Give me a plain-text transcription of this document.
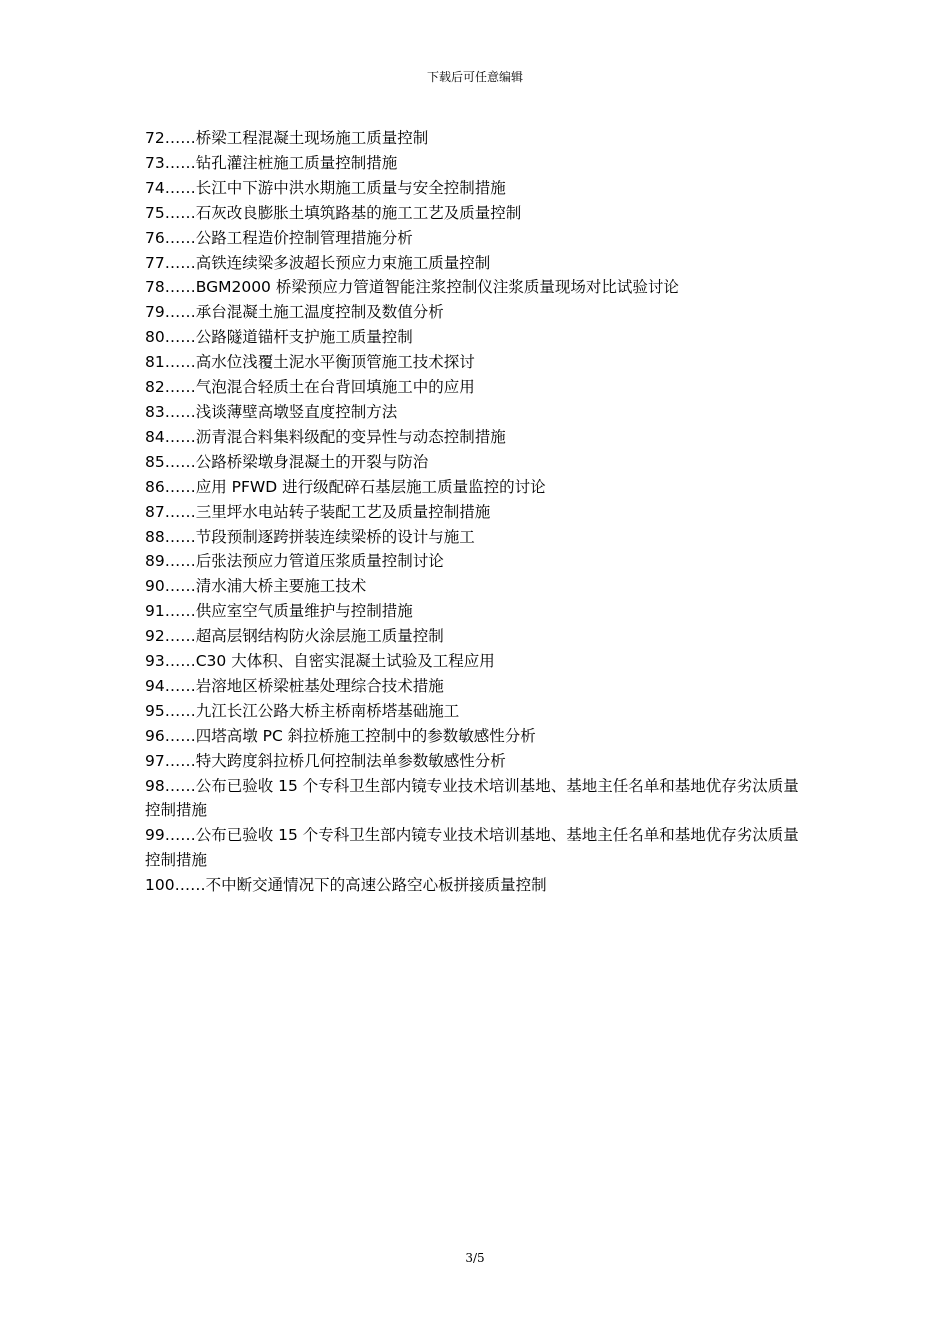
下载后可任意编辑
72……桥梁工程混凝土现场施工质量控制
73……钻孔灌注桩施工质量控制措施
74……长江中下游中洪水期施工质量与安全控制措施
75……石灰改良膨胀土填筑路基的施工工艺及质量控制
76……公路工程造价控制管理措施分析
77……高铁连续梁多波超长预应力束施工质量控制
78……BGM2000 桥梁预应力管道智能注浆控制仪注浆质量现场对比试验讨论
79……承台混凝土施工温度控制及数值分析
80……公路隧道锚杆支护施工质量控制
81……高水位浅覆土泥水平衡顶管施工技术探讨
82……气泡混合轻质土在台背回填施工中的应用
83……浅谈薄壁高墩竖直度控制方法
84……沥青混合料集料级配的变异性与动态控制措施
85……公路桥梁墩身混凝土的开裂与防治
86……应用 PFWD 进行级配碎石基层施工质量监控的讨论
87……三里坪水电站转子装配工艺及质量控制措施
88……节段预制逐跨拼装连续梁桥的设计与施工
89……后张法预应力管道压浆质量控制讨论
90……清水浦大桥主要施工技术
91……供应室空气质量维护与控制措施
92……超高层钢结构防火涂层施工质量控制
93……C30 大体积、自密实混凝土试验及工程应用
94……岩溶地区桥梁桩基处理综合技术措施
95……九江长江公路大桥主桥南桥塔基础施工
96……四塔高墩 PC 斜拉桥施工控制中的参数敏感性分析
97……特大跨度斜拉桥几何控制法单参数敏感性分析
98……公布已验收 15 个专科卫生部内镜专业技术培训基地、基地主任名单和基地优存劣汰质量控制措施
99……公布已验收 15 个专科卫生部内镜专业技术培训基地、基地主任名单和基地优存劣汰质量控制措施
100……不中断交通情况下的高速公路空心板拼接质量控制
3/5
